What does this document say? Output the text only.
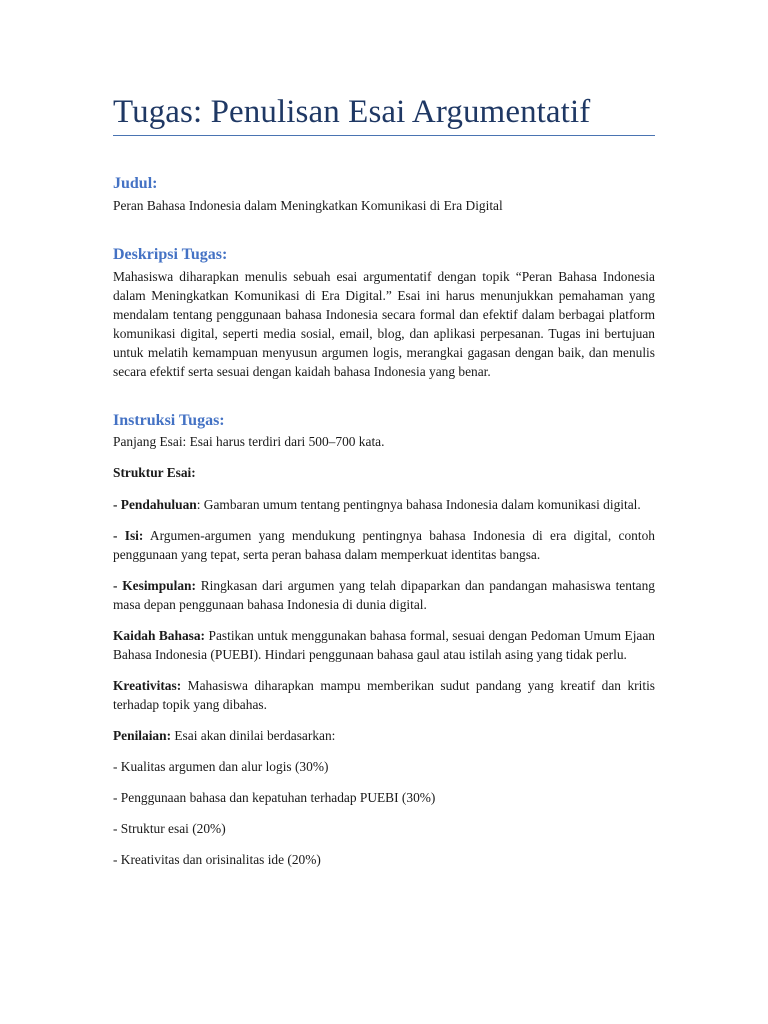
Tugas: Penulisan Esai Argumentatif
Judul:

Peran Bahasa Indonesia dalam Meningkatkan Komunikasi di Era Digital

Deskripsi Tugas:

Mahasiswa diharapkan menulis sebuah esai argumentatif dengan topik “Peran Bahasa Indonesia dalam Meningkatkan Komunikasi di Era Digital.” Esai ini harus menunjukkan pemahaman yang mendalam tentang penggunaan bahasa Indonesia secara formal dan efektif dalam berbagai platform komunikasi digital, seperti media sosial, email, blog, dan aplikasi perpesanan. Tugas ini bertujuan untuk melatih kemampuan menyusun argumen logis, merangkai gagasan dengan baik, dan menulis secara efektif serta sesuai dengan kaidah bahasa Indonesia yang benar.

Instruksi Tugas:

Panjang Esai: Esai harus terdiri dari 500–700 kata.

Struktur Esai:

- Pendahuluan: Gambaran umum tentang pentingnya bahasa Indonesia dalam komunikasi digital.

- Isi: Argumen-argumen yang mendukung pentingnya bahasa Indonesia di era digital, contoh penggunaan yang tepat, serta peran bahasa dalam memperkuat identitas bangsa.

- Kesimpulan: Ringkasan dari argumen yang telah dipaparkan dan pandangan mahasiswa tentang masa depan penggunaan bahasa Indonesia di dunia digital.

Kaidah Bahasa: Pastikan untuk menggunakan bahasa formal, sesuai dengan Pedoman Umum Ejaan Bahasa Indonesia (PUEBI). Hindari penggunaan bahasa gaul atau istilah asing yang tidak perlu.

Kreativitas: Mahasiswa diharapkan mampu memberikan sudut pandang yang kreatif dan kritis terhadap topik yang dibahas.

Penilaian: Esai akan dinilai berdasarkan:

- Kualitas argumen dan alur logis (30%)

- Penggunaan bahasa dan kepatuhan terhadap PUEBI (30%)

- Struktur esai (20%)

- Kreativitas dan orisinalitas ide (20%)
